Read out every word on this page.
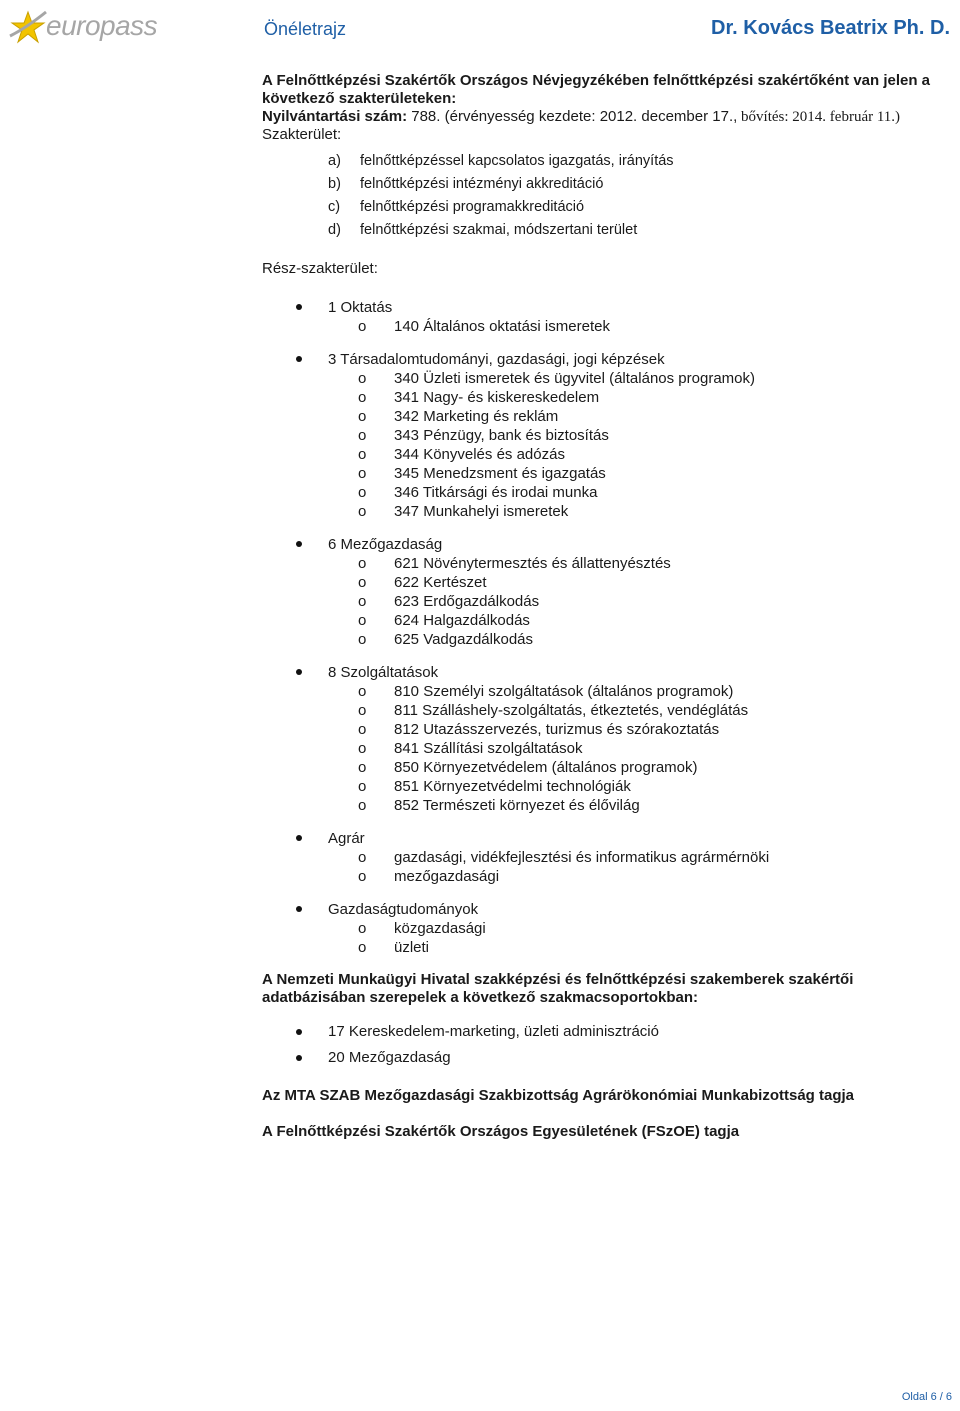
europass	Önéletrajz	Dr. Kovács Beatrix Ph. D.
A Felnőttképzési Szakértők Országos Névjegyzékében felnőttképzési szakértőként van jelen a következő szakterületeken:
Nyilvántartási szám: 788. (érvényesség kezdete: 2012. december 17., bővítés: 2014. február 11.)
Szakterület:
a) felnőttképzéssel kapcsolatos igazgatás, irányítás
b) felnőttképzési intézményi akkreditáció
c) felnőttképzési programakkreditáció
d) felnőttképzési szakmai, módszertani terület
Rész-szakterület:
1 Oktatás
o 140 Általános oktatási ismeretek
3 Társadalomtudományi, gazdasági, jogi képzések
o 340 Üzleti ismeretek és ügyvitel (általános programok)
o 341 Nagy- és kiskereskedelem
o 342 Marketing és reklám
o 343 Pénzügy, bank és biztosítás
o 344 Könyvelés és adózás
o 345 Menedzsment és igazgatás
o 346 Titkársági és irodai munka
o 347 Munkahelyi ismeretek
6 Mezőgazdaság
o 621 Növénytermesztés és állattenyésztés
o 622 Kertészet
o 623 Erdőgazdálkodás
o 624 Halgazdálkodás
o 625 Vadgazdálkodás
8 Szolgáltatások
o 810 Személyi szolgáltatások (általános programok)
o 811 Szálláshely-szolgáltatás, étkeztetés, vendéglátás
o 812 Utazásszervezés, turizmus és szórakoztatás
o 841 Szállítási szolgáltatások
o 850 Környezetvédelem (általános programok)
o 851 Környezetvédelmi technológiák
o 852 Természeti környezet és élővilág
Agrár
o gazdasági, vidékfejlesztési és informatikus agrármérnöki
o mezőgazdasági
Gazdaságtudományok
o közgazdasági
o üzleti
A Nemzeti Munkaügyi Hivatal szakképzési és felnőttképzési szakemberek szakértői adatbázisában szerepelek a következő szakmacsoportokban:
17 Kereskedelem-marketing, üzleti adminisztráció
20 Mezőgazdaság
Az MTA SZAB Mezőgazdasági Szakbizottság Agrárökonómiai Munkabizottság tagja
A Felnőttképzési Szakértők Országos Egyesületének (FSzOE) tagja
Oldal 6 / 6
